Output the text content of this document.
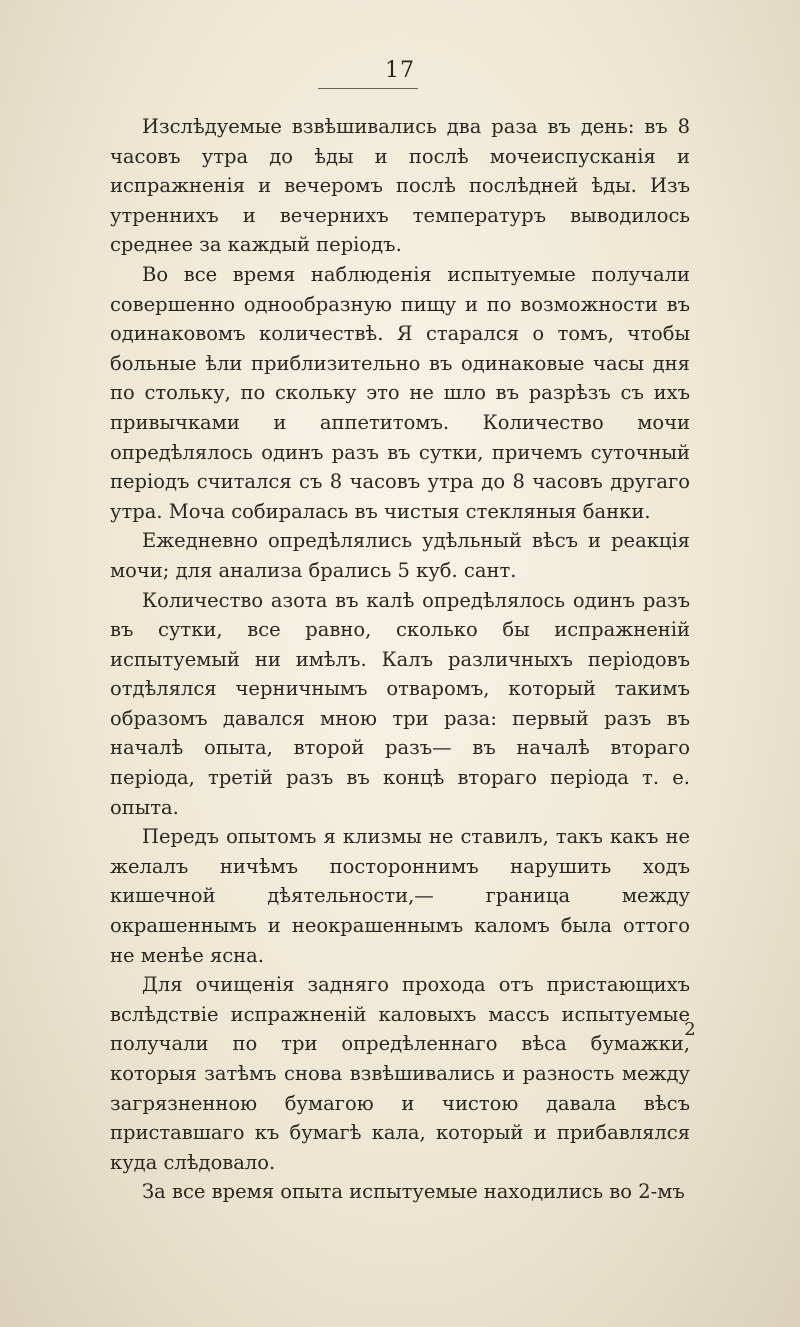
17

Изслѣдуемые взвѣшивались два раза въ день: въ 8 часовъ утра до ѣды и послѣ мочеиспусканія и испражненія и вечеромъ послѣ послѣдней ѣды. Изъ утреннихъ и вечернихъ температуръ выводилось среднее за каждый періодъ.

Во все время наблюденія испытуемые получали совершенно однообразную пищу и по возможности въ одинаковомъ количествѣ. Я старался о томъ, чтобы больные ѣли приблизительно въ одинаковые часы дня по стольку, по скольку это не шло въ разрѣзъ съ ихъ привычками и аппетитомъ. Количество мочи опредѣлялось одинъ разъ въ сутки, причемъ суточный періодъ считался съ 8 часовъ утра до 8 часовъ другаго утра. Моча собиралась въ чистыя стекляныя банки.

Ежедневно опредѣлялись удѣльный вѣсъ и реакція мочи; для анализа брались 5 куб. сант.

Количество азота въ калѣ опредѣлялось одинъ разъ въ сутки, все равно, сколько бы испражненій испытуемый ни имѣлъ. Калъ различныхъ періодовъ отдѣлялся черничнымъ отваромъ, который такимъ образомъ давался мною три раза: первый разъ въ началѣ опыта, второй разъ— въ началѣ втораго періода, третій разъ въ концѣ втораго періода т. е. опыта.

Передъ опытомъ я клизмы не ставилъ, такъ какъ не желалъ ничѣмъ постороннимъ нарушить ходъ кишечной дѣятельности,— граница между окрашеннымъ и неокрашеннымъ каломъ была оттого не менѣе ясна.

Для очищенія задняго прохода отъ пристающихъ вслѣдствіе испражненій каловыхъ массъ испытуемые получали по три опредѣленнаго вѣса бумажки, которыя затѣмъ снова взвѣшивались и разность между загрязненною бумагою и чистою давала вѣсъ приставшаго къ бумагѣ кала, который и прибавлялся куда слѣдовало.

За все время опыта испытуемые находились во 2-мъ

2
